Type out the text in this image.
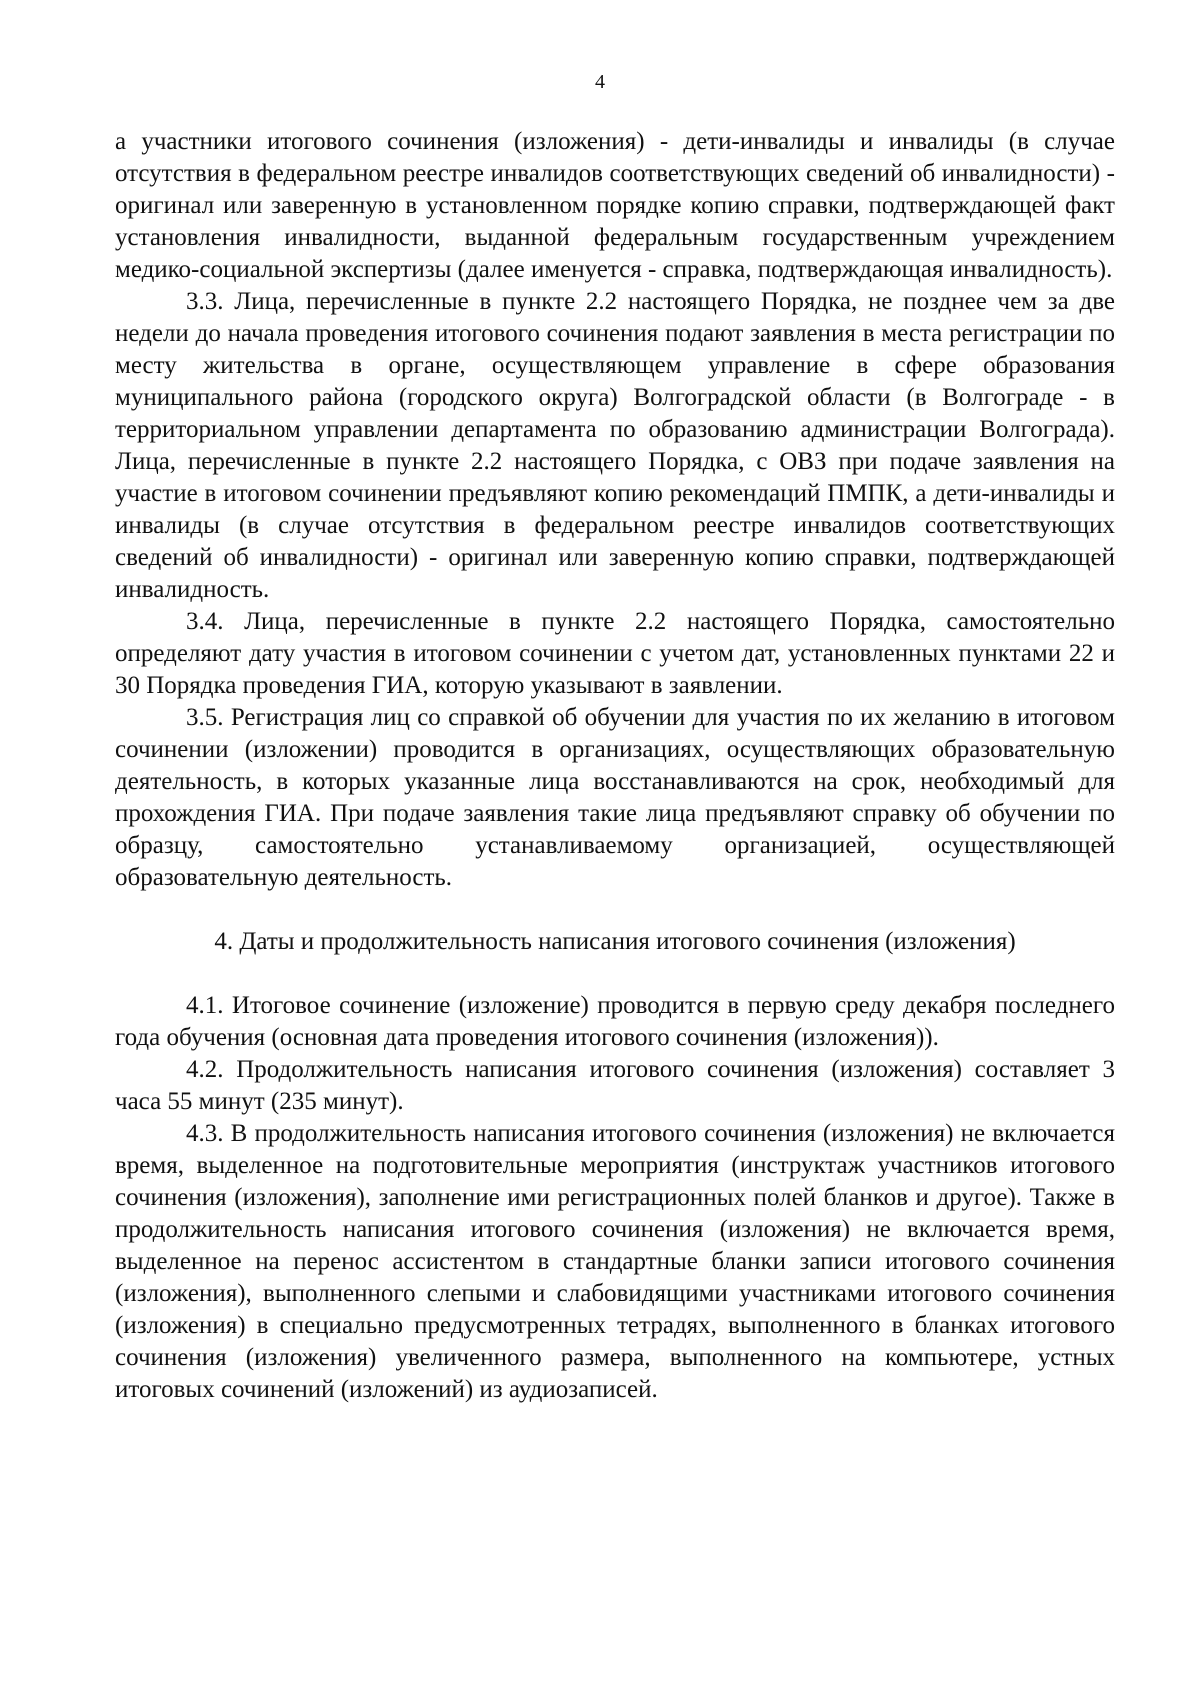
4

а участники итогового сочинения (изложения) - дети-инвалиды и инвалиды (в случае отсутствия в федеральном реестре инвалидов соответствующих сведений об инвалидности) - оригинал или заверенную в установленном порядке копию справки, подтверждающей факт установления инвалидности, выданной федеральным государственным учреждением медико-социальной экспертизы (далее именуется - справка, подтверждающая инвалидность).

3.3. Лица, перечисленные в пункте 2.2 настоящего Порядка, не позднее чем за две недели до начала проведения итогового сочинения подают заявления в места регистрации по месту жительства в органе, осуществляющем управление в сфере образования муниципального района (городского округа) Волгоградской области (в Волгограде - в территориальном управлении департамента по образованию администрации Волгограда). Лица, перечисленные в пункте 2.2 настоящего Порядка, с ОВЗ при подаче заявления на участие в итоговом сочинении предъявляют копию рекомендаций ПМПК, а дети-инвалиды и инвалиды (в случае отсутствия в федеральном реестре инвалидов соответствующих сведений об инвалидности) - оригинал или заверенную копию справки, подтверждающей инвалидность.

3.4. Лица, перечисленные в пункте 2.2 настоящего Порядка, самостоятельно определяют дату участия в итоговом сочинении с учетом дат, установленных пунктами 22 и 30 Порядка проведения ГИА, которую указывают в заявлении.

3.5. Регистрация лиц со справкой об обучении для участия по их желанию в итоговом сочинении (изложении) проводится в организациях, осуществляющих образовательную деятельность, в которых указанные лица восстанавливаются на срок, необходимый для прохождения ГИА. При подаче заявления такие лица предъявляют справку об обучении по образцу, самостоятельно устанавливаемому организацией, осуществляющей образовательную деятельность.

4. Даты и продолжительность написания итогового сочинения (изложения)

4.1. Итоговое сочинение (изложение) проводится в первую среду декабря последнего года обучения (основная дата проведения итогового сочинения (изложения)).

4.2. Продолжительность написания итогового сочинения (изложения) составляет 3 часа 55 минут (235 минут).

4.3. В продолжительность написания итогового сочинения (изложения) не включается время, выделенное на подготовительные мероприятия (инструктаж участников итогового сочинения (изложения), заполнение ими регистрационных полей бланков и другое). Также в продолжительность написания итогового сочинения (изложения) не включается время, выделенное на перенос ассистентом в стандартные бланки записи итогового сочинения (изложения), выполненного слепыми и слабовидящими участниками итогового сочинения (изложения) в специально предусмотренных тетрадях, выполненного в бланках итогового сочинения (изложения) увеличенного размера, выполненного на компьютере, устных итоговых сочинений (изложений) из аудиозаписей.
